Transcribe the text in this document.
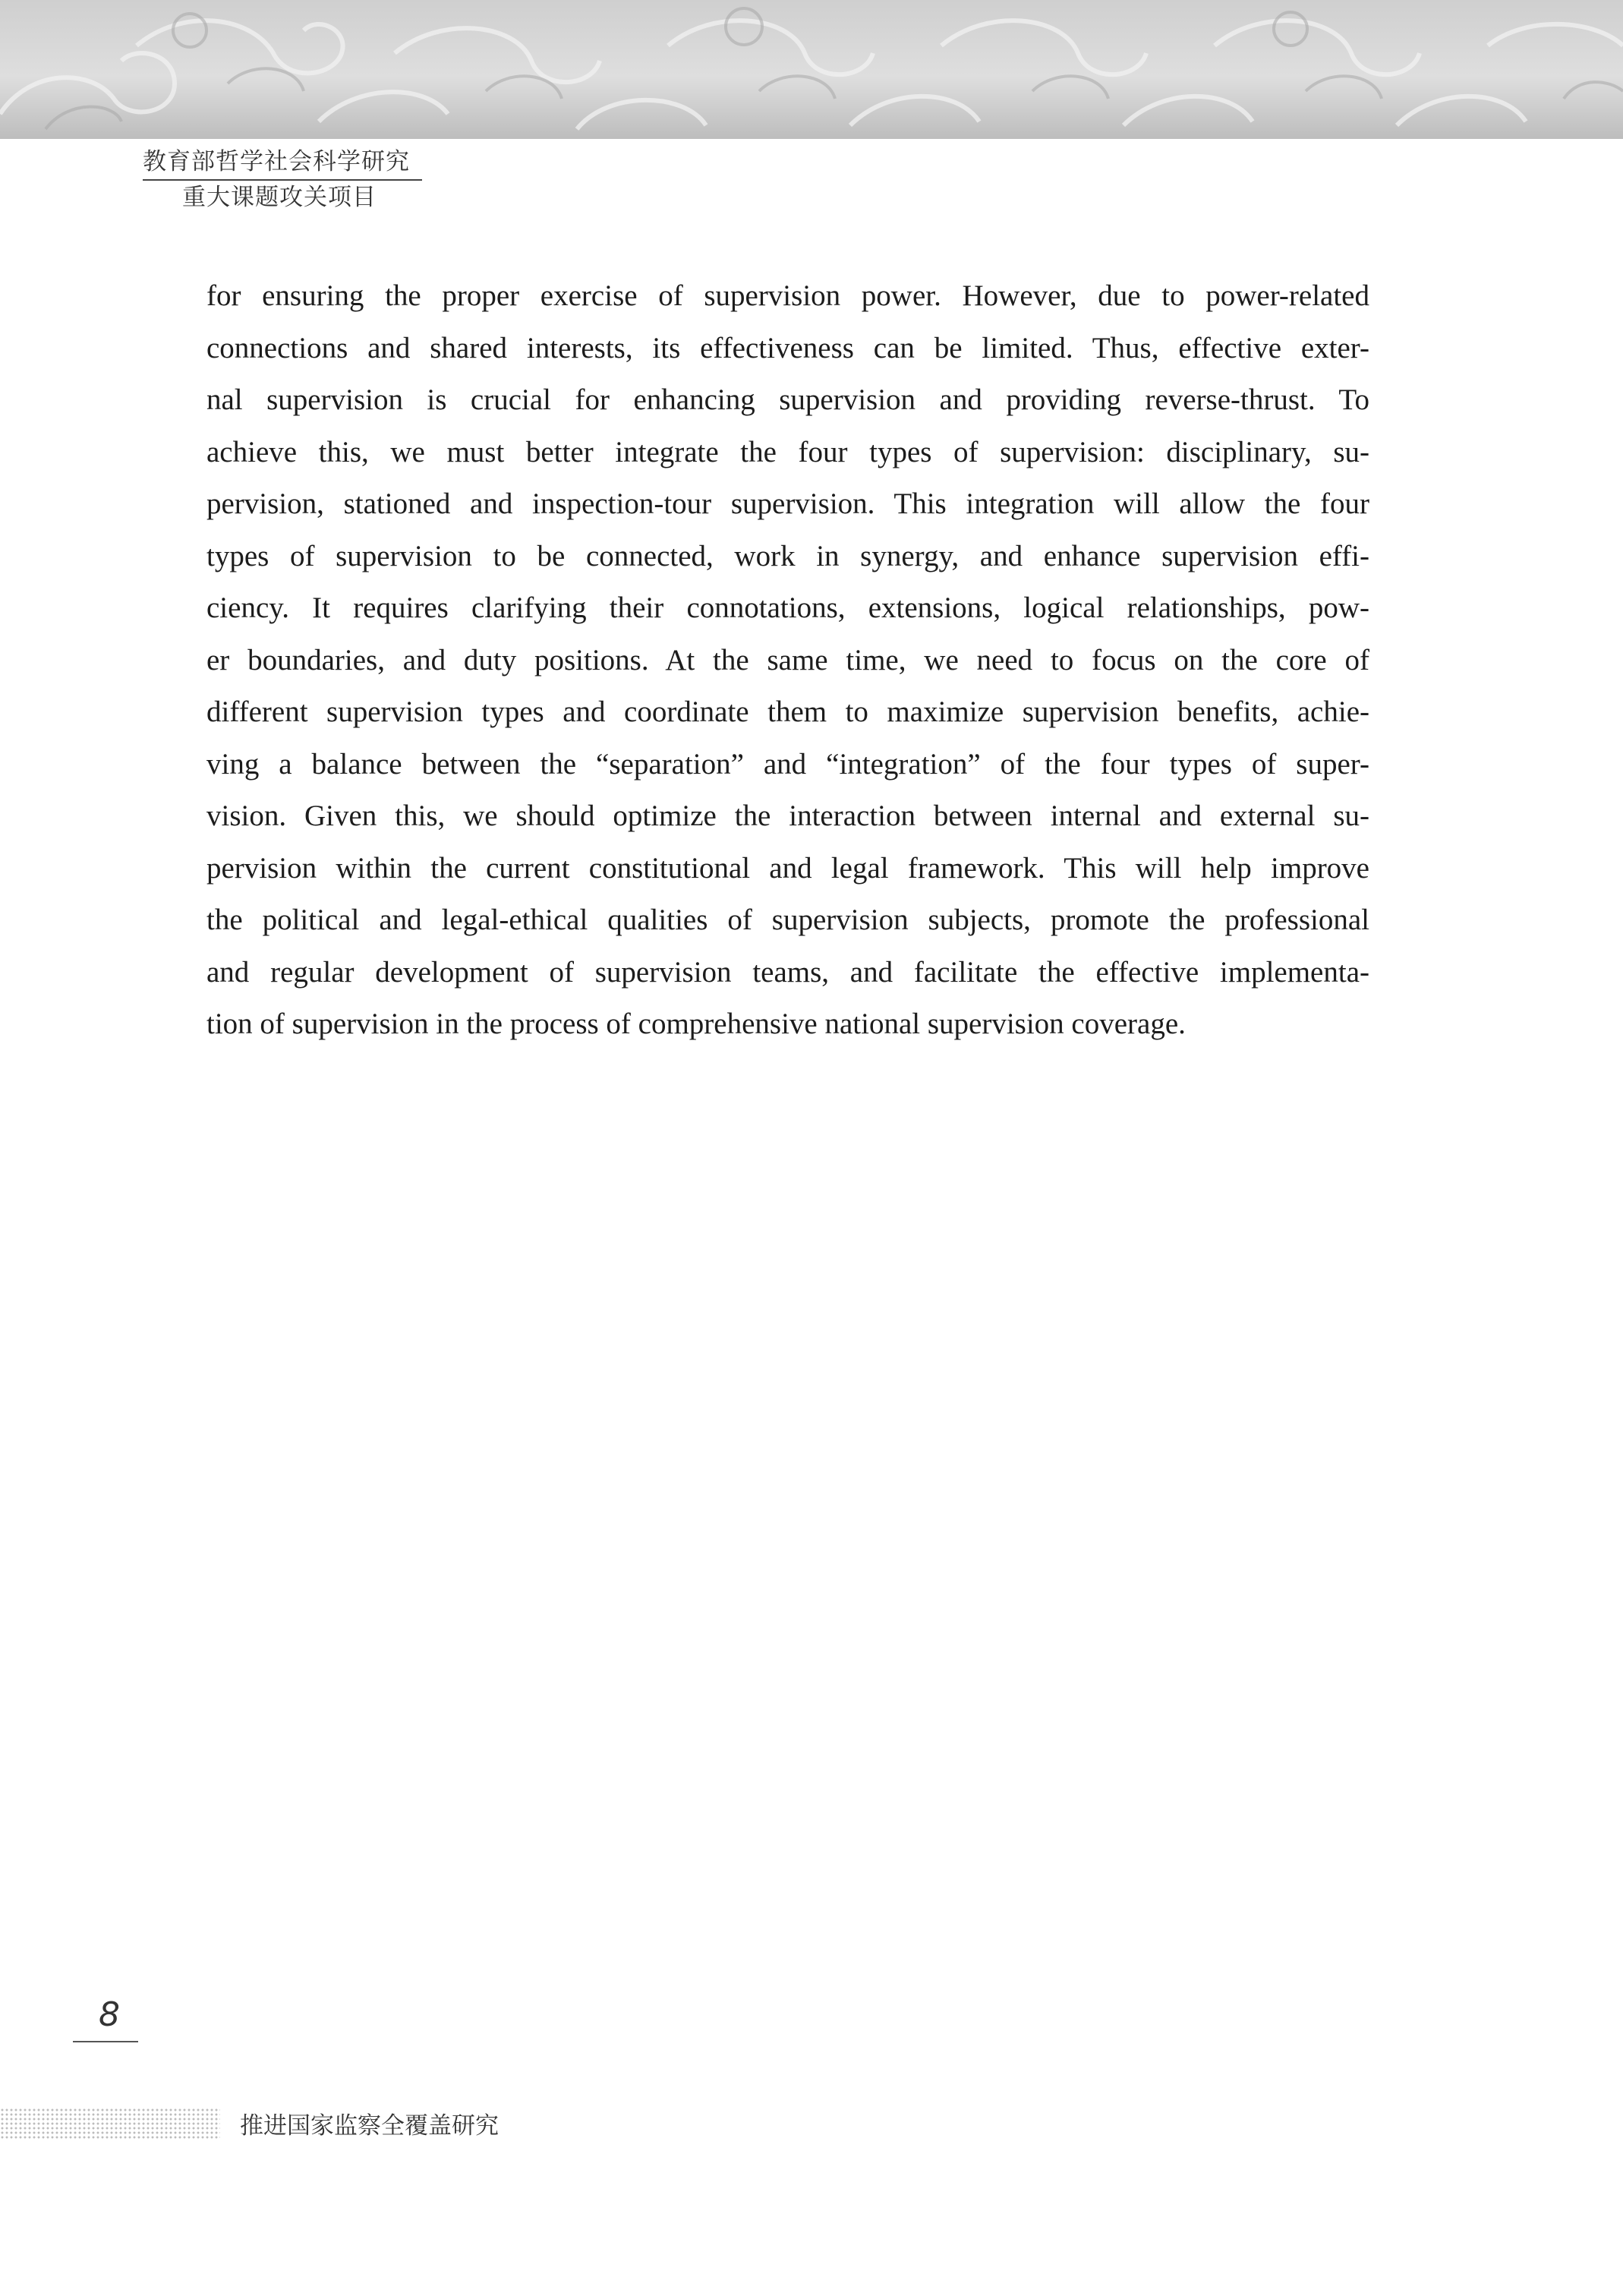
教育部哲学社会科学研究
重大课题攻关项目
for ensuring the proper exercise of supervision power. However, due to power-related
connections and shared interests, its effectiveness can be limited. Thus, effective exter-
nal supervision is crucial for enhancing supervision and providing reverse-thrust. To
achieve this, we must better integrate the four types of supervision: disciplinary, su-
pervision, stationed and inspection-tour supervision. This integration will allow the four
types of supervision to be connected, work in synergy, and enhance supervision effi-
ciency. It requires clarifying their connotations, extensions, logical relationships, pow-
er boundaries, and duty positions. At the same time, we need to focus on the core of
different supervision types and coordinate them to maximize supervision benefits, achie-
ving a balance between the “separation” and “integration” of the four types of super-
vision. Given this, we should optimize the interaction between internal and external su-
pervision within the current constitutional and legal framework. This will help improve
the political and legal-ethical qualities of supervision subjects, promote the professional
and regular development of supervision teams, and facilitate the effective implementa-
tion of supervision in the process of comprehensive national supervision coverage.
8
推进国家监察全覆盖研究
